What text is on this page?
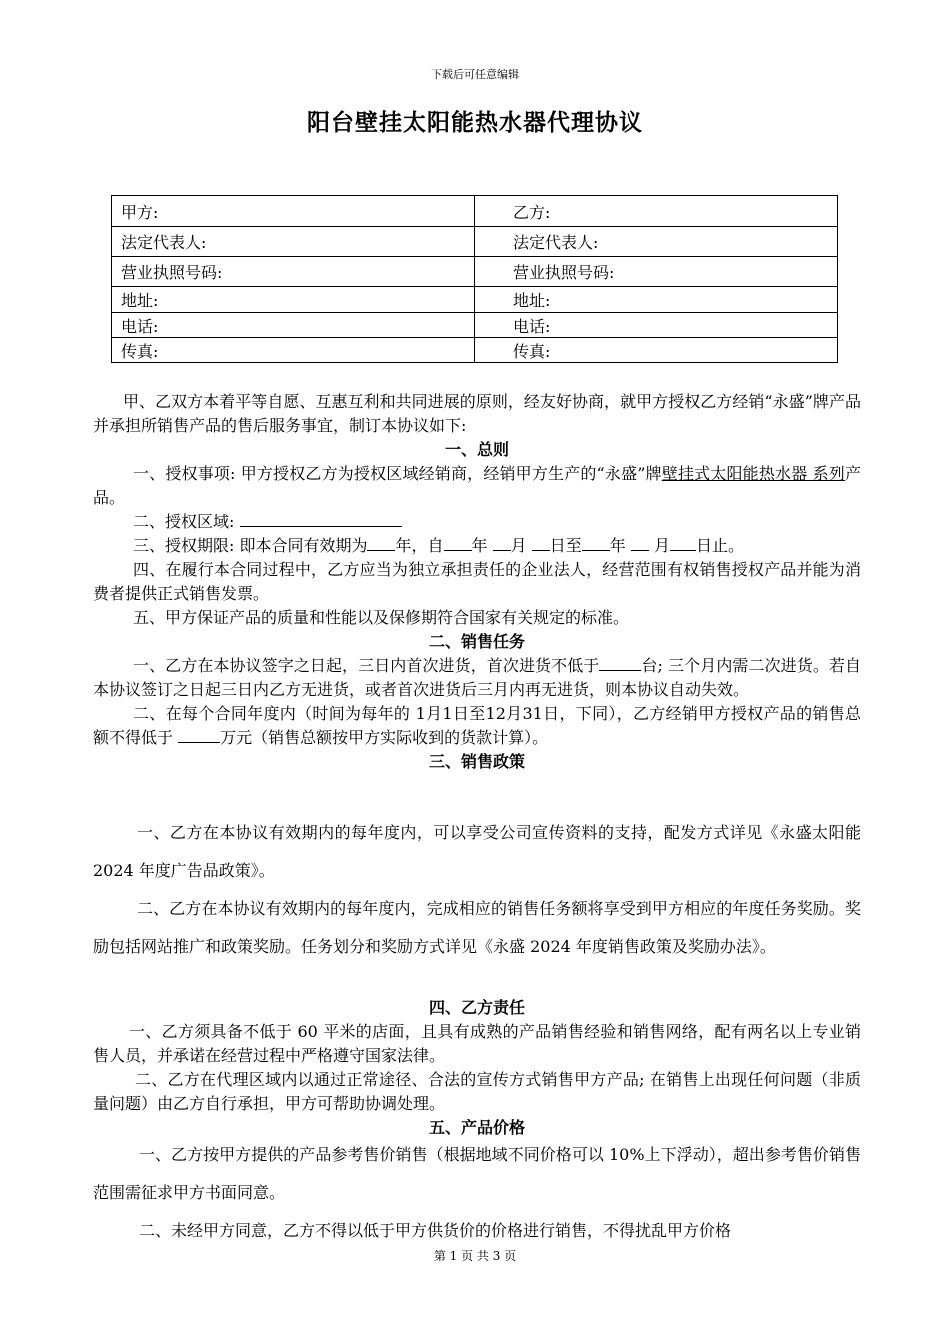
下载后可任意编辑
阳台壁挂太阳能热水器代理协议
甲方:	乙方:
法定代表人:	法定代表人:
营业执照号码:	营业执照号码:
地址:	地址:
电话:	电话:
传真:	传真:
甲、乙双方本着平等自愿、互惠互利和共同进展的原则，经友好协商，就甲方授权乙方经销“永盛”牌产品并承担所销售产品的售后服务事宜，制订本协议如下:
一、总则
一、授权事项: 甲方授权乙方为授权区域经销商，经销甲方生产的“永盛”牌壁挂式太阳能热水器 系列产品。
二、授权区域:
三、授权期限: 即本合同有效期为 年，自 年 月 日至 年 月 日止。
四、在履行本合同过程中，乙方应当为独立承担责任的企业法人，经营范围有权销售授权产品并能为消费者提供正式销售发票。
五、甲方保证产品的质量和性能以及保修期符合国家有关规定的标准。
二、销售任务
一、乙方在本协议签字之日起，三日内首次进货，首次进货不低于	台; 三个月内需二次进货。若自本协议签订之日起三日内乙方无进货，或者首次进货后三月内再无进货，则本协议自动失效。
二、在每个合同年度内（时间为每年的 1月1日至12月31日，下同），乙方经销甲方授权产品的销售总额不得低于	万元（销售总额按甲方实际收到的货款计算）。
三、销售政策
一、乙方在本协议有效期内的每年度内，可以享受公司宣传资料的支持，配发方式详见《永盛太阳能 2024 年度广告品政策》。
二、乙方在本协议有效期内的每年度内，完成相应的销售任务额将享受到甲方相应的年度任务奖励。奖励包括网站推广和政策奖励。任务划分和奖励方式详见《永盛 2024 年度销售政策及奖励办法》。
四、乙方责任
一、乙方须具备不低于 60 平米的店面，且具有成熟的产品销售经验和销售网络，配有两名以上专业销售人员，并承诺在经营过程中严格遵守国家法律。
二、乙方在代理区域内以通过正常途径、合法的宣传方式销售甲方产品; 在销售上出现任何问题（非质量问题）由乙方自行承担，甲方可帮助协调处理。
五、产品价格
一、乙方按甲方提供的产品参考售价销售（根据地域不同价格可以 10%上下浮动），超出参考售价销售范围需征求甲方书面同意。
二、未经甲方同意，乙方不得以低于甲方供货价的价格进行销售，不得扰乱甲方价格
第 1 页 共 3 页
